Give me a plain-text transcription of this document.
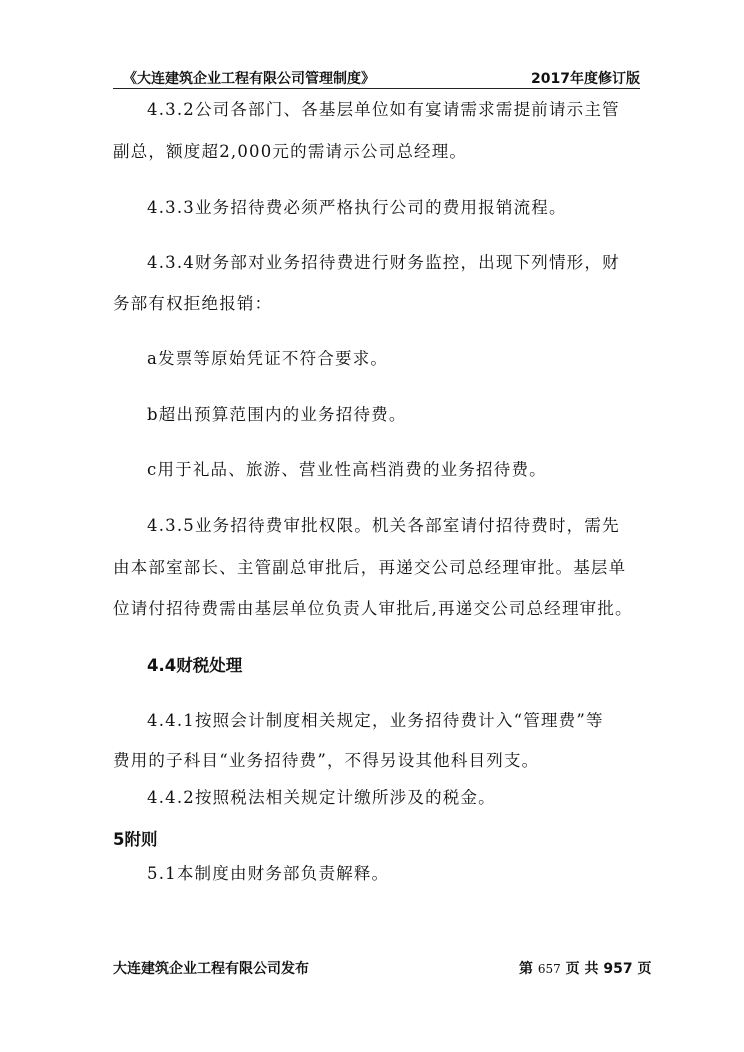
《大连建筑企业工程有限公司管理制度》	2017年度修订版
4.3.2公司各部门、各基层单位如有宴请需求需提前请示主管
副总，额度超2,000元的需请示公司总经理。
4.3.3业务招待费必须严格执行公司的费用报销流程。
4.3.4财务部对业务招待费进行财务监控，出现下列情形，财
务部有权拒绝报销：
a发票等原始凭证不符合要求。
b超出预算范围内的业务招待费。
c用于礼品、旅游、营业性高档消费的业务招待费。
4.3.5业务招待费审批权限。机关各部室请付招待费时，需先
由本部室部长、主管副总审批后，再递交公司总经理审批。基层单
位请付招待费需由基层单位负责人审批后,再递交公司总经理审批。
4.4财税处理
4.4.1按照会计制度相关规定，业务招待费计入“管理费”等
费用的子科目“业务招待费”，不得另设其他科目列支。
4.4.2按照税法相关规定计缴所涉及的税金。
5附则
5.1本制度由财务部负责解释。
大连建筑企业工程有限公司发布	第 657 页 共 957 页
